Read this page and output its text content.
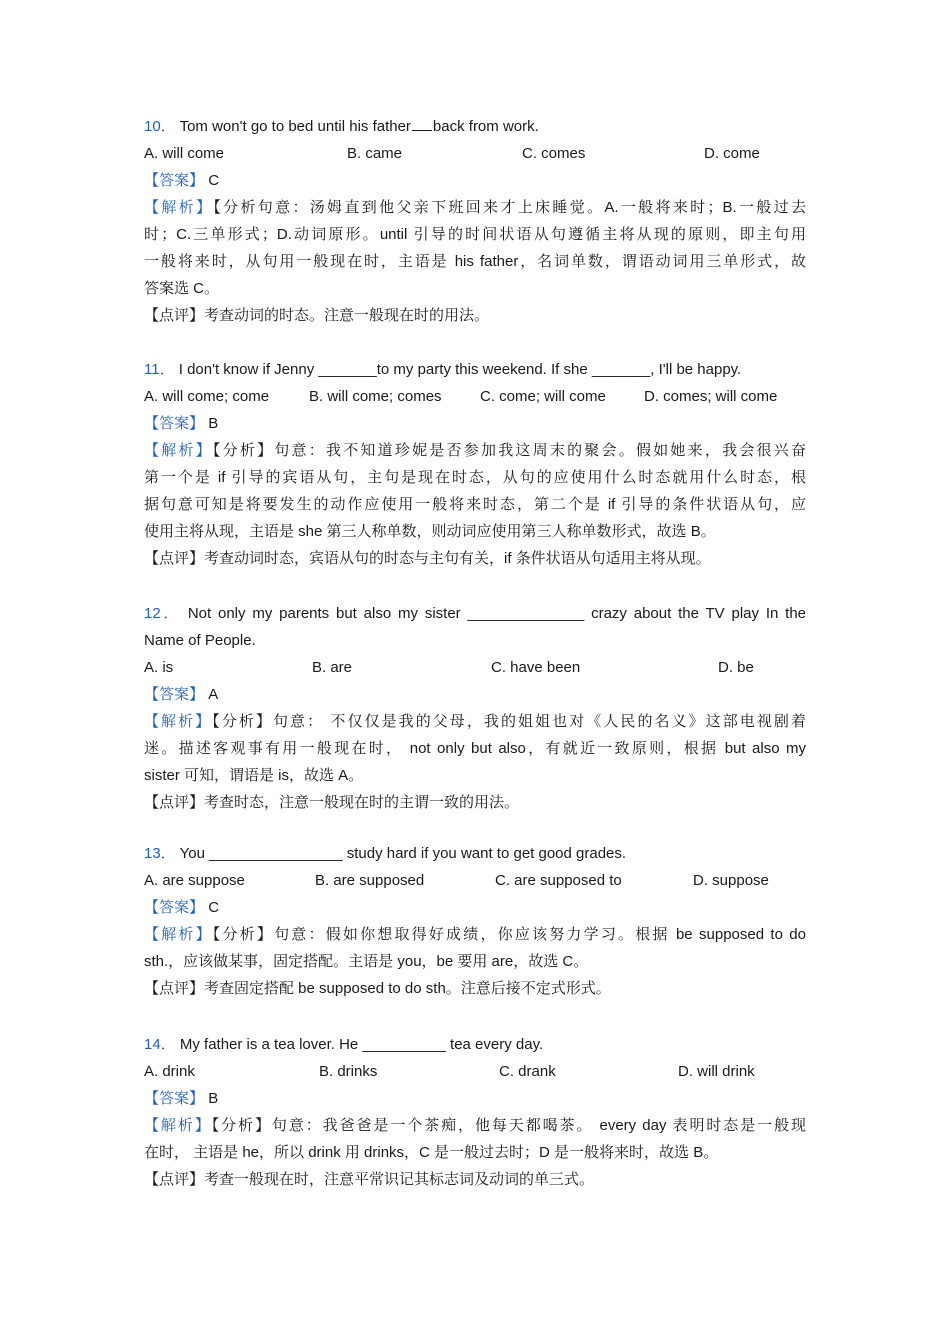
10． Tom won't go to bed until his father back from work.
A. will come	B. came	C. comes	D. come
【答案】 C
【解析】【分析句意：汤姆直到他父亲下班回来才上床睡觉。A.一般将来时；B.一般过去
时；C.三单形式；D.动词原形。until 引导的时间状语从句遵循主将从现的原则，即主句用
一般将来时，从句用一般现在时，主语是 his father，名词单数，谓语动词用三单形式，故
答案选 C。
【点评】考查动词的时态。注意一般现在时的用法。
11． I don't know if Jenny _______to my party this weekend. If she _______, I'll be happy.
A. will come; come	B. will come; comes	C. come; will come	D. comes; will come
【答案】 B
【解析】【分析】句意：我不知道珍妮是否参加我这周末的聚会。假如她来，我会很兴奋
第一个是 if 引导的宾语从句，主句是现在时态，从句的应使用什么时态就用什么时态，根
据句意可知是将要发生的动作应使用一般将来时态，第二个是 if 引导的条件状语从句，应
使用主将从现，主语是 she 第三人称单数，则动词应使用第三人称单数形式，故选 B。
【点评】考查动词时态，宾语从句的时态与主句有关，if 条件状语从句适用主将从现。
12． Not only my parents but also my sister ______________ crazy about the TV play In the
Name of People.
A. is	B. are	C. have been	D. be
【答案】 A
【解析】【分析】句意： 不仅仅是我的父母，我的姐姐也对《人民的名义》这部电视剧着
迷。描述客观事有用一般现在时， not only but also，有就近一致原则，根据 but also my
sister 可知，谓语是 is，故选 A。
【点评】考查时态，注意一般现在时的主谓一致的用法。
13． You ________________ study hard if you want to get good grades.
A. are suppose	B. are supposed	C. are supposed to	D. suppose
【答案】 C
【解析】【分析】句意：假如你想取得好成绩，你应该努力学习。根据 be supposed to do
sth.，应该做某事，固定搭配。主语是 you，be 要用 are，故选 C。
【点评】考查固定搭配 be supposed to do sth。注意后接不定式形式。
14． My father is a tea lover. He __________ tea every day.
A. drink	B. drinks	C. drank	D. will drink
【答案】 B
【解析】【分析】句意：我爸爸是一个茶痴，他每天都喝茶。 every day 表明时态是一般现
在时， 主语是 he，所以 drink 用 drinks，C 是一般过去时；D 是一般将来时，故选 B。
【点评】考查一般现在时，注意平常识记其标志词及动词的单三式。
